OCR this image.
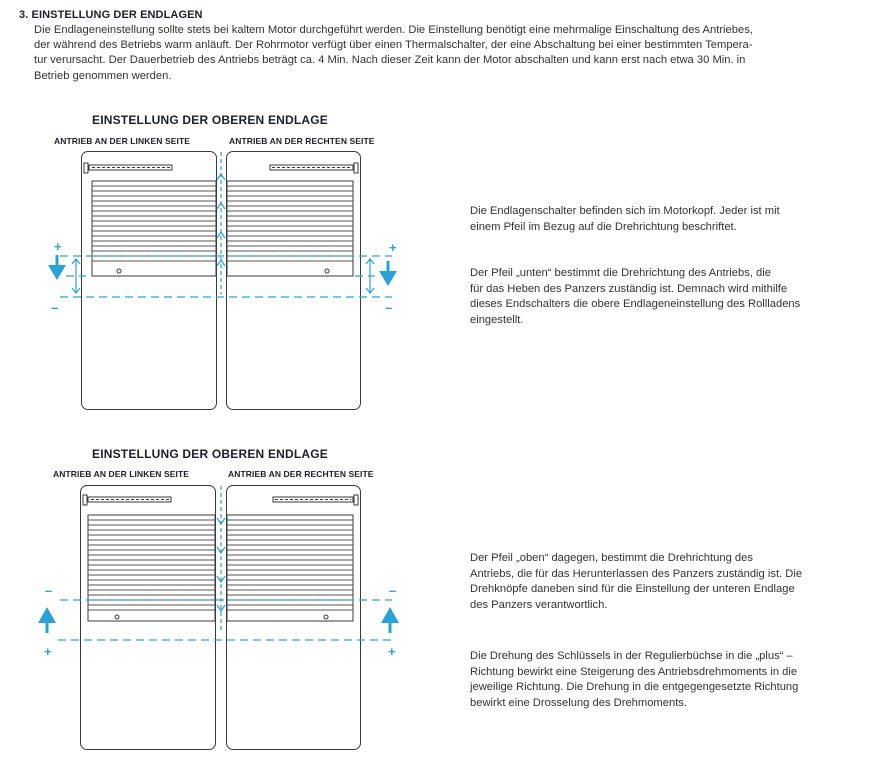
3. EINSTELLUNG DER ENDLAGEN
Die Endlageneinstellung sollte stets bei kaltem Motor durchgeführt werden. Die Einstellung benötigt eine mehrmalige Einschaltung des Antriebes,
der während des Betriebs warm anläuft. Der Rohrmotor verfügt über einen Thermalschalter, der eine Abschaltung bei einer bestimmten Tempera-
tur verursacht. Der Dauerbetrieb des Antriebs beträgt ca. 4 Min. Nach dieser Zeit kann der Motor abschalten und kann erst nach etwa 30 Min. in
Betrieb genommen werden.
EINSTELLUNG DER OBEREN ENDLAGE
ANTRIEB AN DER LINKEN SEITE	ANTRIEB AN DER RECHTEN SEITE
+	+
–	–
EINSTELLUNG DER OBEREN ENDLAGE
ANTRIEB AN DER LINKEN SEITE	ANTRIEB AN DER RECHTEN SEITE
–	–
+	+
Die Endlagenschalter befinden sich im Motorkopf. Jeder ist mit
einem Pfeil im Bezug auf die Drehrichtung beschriftet.
Der Pfeil „unten“ bestimmt die Drehrichtung des Antriebs, die
für das Heben des Panzers zuständig ist. Demnach wird mithilfe
dieses Endschalters die obere Endlageneinstellung des Rollladens
eingestellt.
Der Pfeil „oben“ dagegen, bestimmt die Drehrichtung des
Antriebs, die für das Herunterlassen des Panzers zuständig ist. Die
Drehknöpfe daneben sind für die Einstellung der unteren Endlage
des Panzers verantwortlich.
Die Drehung des Schlüssels in der Regulierbüchse in die „plus“ –
Richtung bewirkt eine Steigerung des Antriebsdrehmoments in die
jeweilige Richtung. Die Drehung in die entgegengesetzte Richtung
bewirkt eine Drosselung des Drehmoments.
